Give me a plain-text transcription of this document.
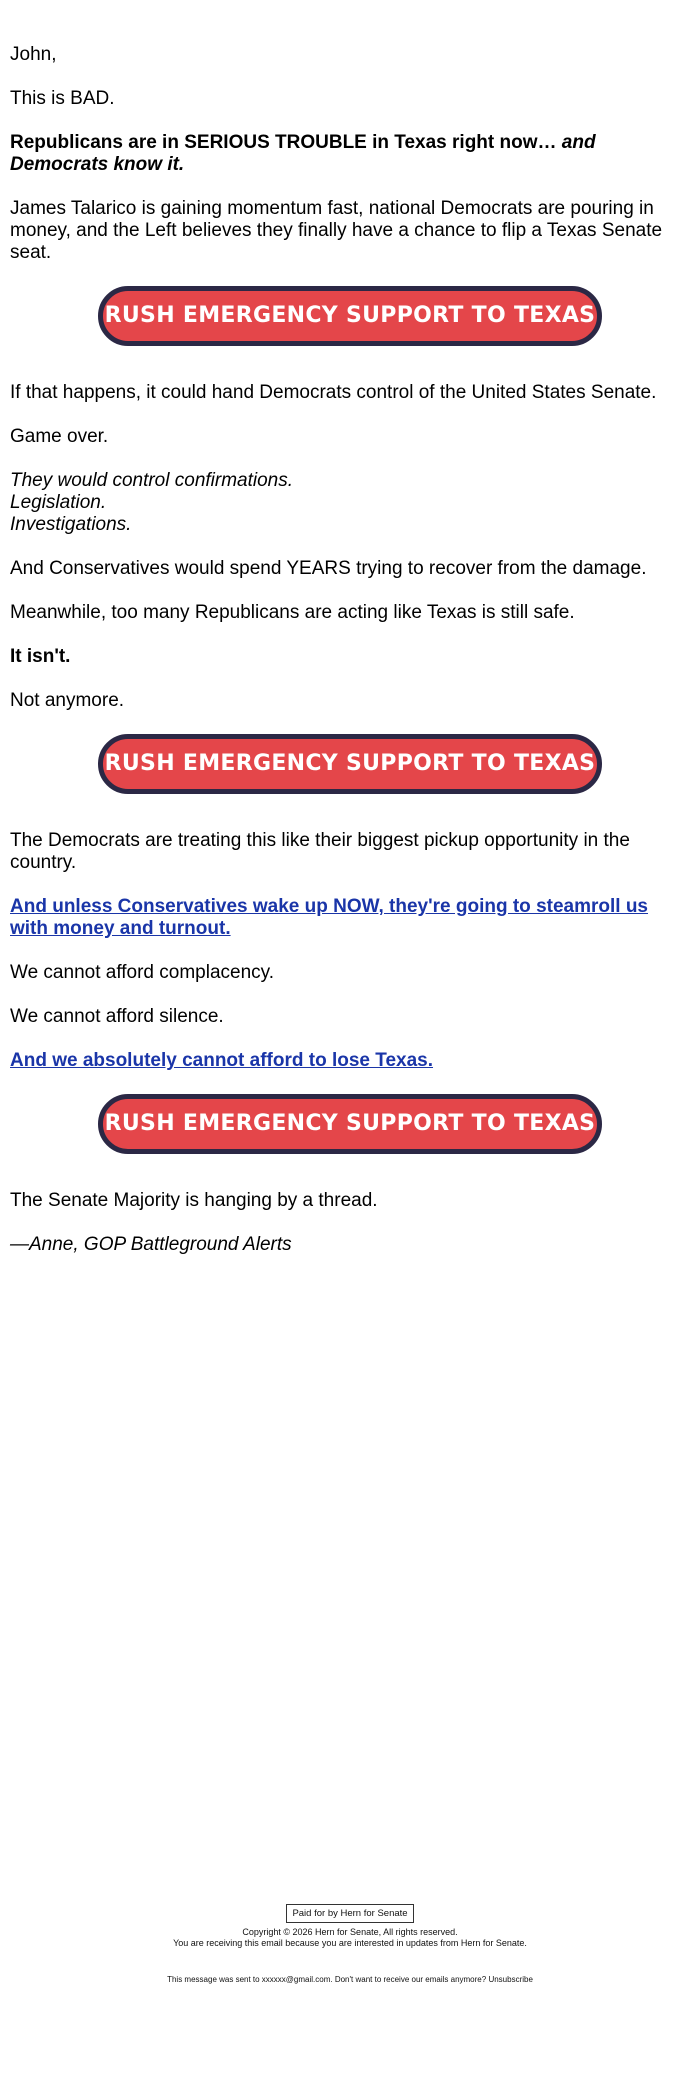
John,

This is BAD.

Republicans are in SERIOUS TROUBLE in Texas right now… and Democrats know it.

James Talarico is gaining momentum fast, national Democrats are pouring in money, and the Left believes they finally have a chance to flip a Texas Senate seat.

RUSH EMERGENCY SUPPORT TO TEXAS

If that happens, it could hand Democrats control of the United States Senate.

Game over.

They would control confirmations.
Legislation.
Investigations.

And Conservatives would spend YEARS trying to recover from the damage.

Meanwhile, too many Republicans are acting like Texas is still safe.

It isn't.

Not anymore.

RUSH EMERGENCY SUPPORT TO TEXAS

The Democrats are treating this like their biggest pickup opportunity in the country.

And unless Conservatives wake up NOW, they're going to steamroll us with money and turnout.

We cannot afford complacency.

We cannot afford silence.

And we absolutely cannot afford to lose Texas.

RUSH EMERGENCY SUPPORT TO TEXAS

The Senate Majority is hanging by a thread.

—Anne, GOP Battleground Alerts

Paid for by Hern for Senate

Copyright © 2026 Hern for Senate, All rights reserved.

You are receiving this email because you are interested in updates from Hern for Senate.

This message was sent to xxxxxx@gmail.com. Don't want to receive our emails anymore? Unsubscribe
